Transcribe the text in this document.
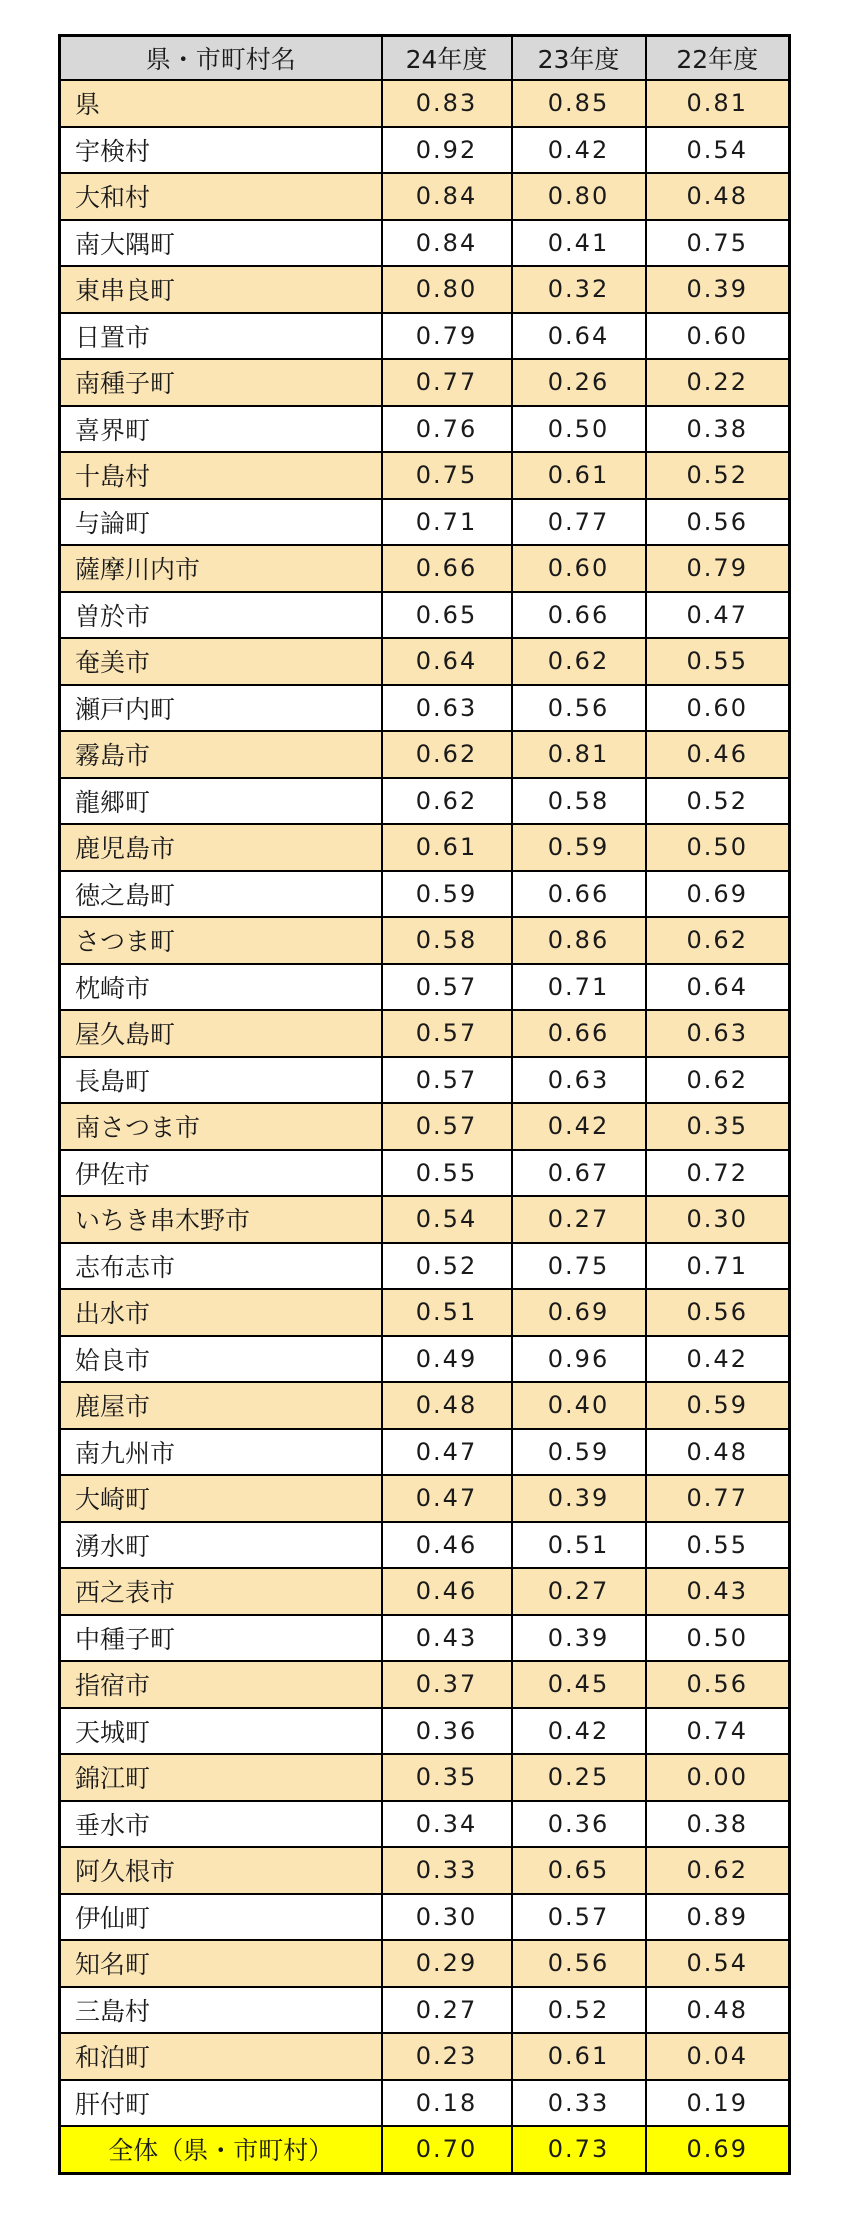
県・市町村名	24年度	23年度	22年度
県	0.83	0.85	0.81
宇検村	0.92	0.42	0.54
大和村	0.84	0.80	0.48
南大隅町	0.84	0.41	0.75
東串良町	0.80	0.32	0.39
日置市	0.79	0.64	0.60
南種子町	0.77	0.26	0.22
喜界町	0.76	0.50	0.38
十島村	0.75	0.61	0.52
与論町	0.71	0.77	0.56
薩摩川内市	0.66	0.60	0.79
曽於市	0.65	0.66	0.47
奄美市	0.64	0.62	0.55
瀬戸内町	0.63	0.56	0.60
霧島市	0.62	0.81	0.46
龍郷町	0.62	0.58	0.52
鹿児島市	0.61	0.59	0.50
徳之島町	0.59	0.66	0.69
さつま町	0.58	0.86	0.62
枕崎市	0.57	0.71	0.64
屋久島町	0.57	0.66	0.63
長島町	0.57	0.63	0.62
南さつま市	0.57	0.42	0.35
伊佐市	0.55	0.67	0.72
いちき串木野市	0.54	0.27	0.30
志布志市	0.52	0.75	0.71
出水市	0.51	0.69	0.56
姶良市	0.49	0.96	0.42
鹿屋市	0.48	0.40	0.59
南九州市	0.47	0.59	0.48
大崎町	0.47	0.39	0.77
湧水町	0.46	0.51	0.55
西之表市	0.46	0.27	0.43
中種子町	0.43	0.39	0.50
指宿市	0.37	0.45	0.56
天城町	0.36	0.42	0.74
錦江町	0.35	0.25	0.00
垂水市	0.34	0.36	0.38
阿久根市	0.33	0.65	0.62
伊仙町	0.30	0.57	0.89
知名町	0.29	0.56	0.54
三島村	0.27	0.52	0.48
和泊町	0.23	0.61	0.04
肝付町	0.18	0.33	0.19
全体（県・市町村）	0.70	0.73	0.69
